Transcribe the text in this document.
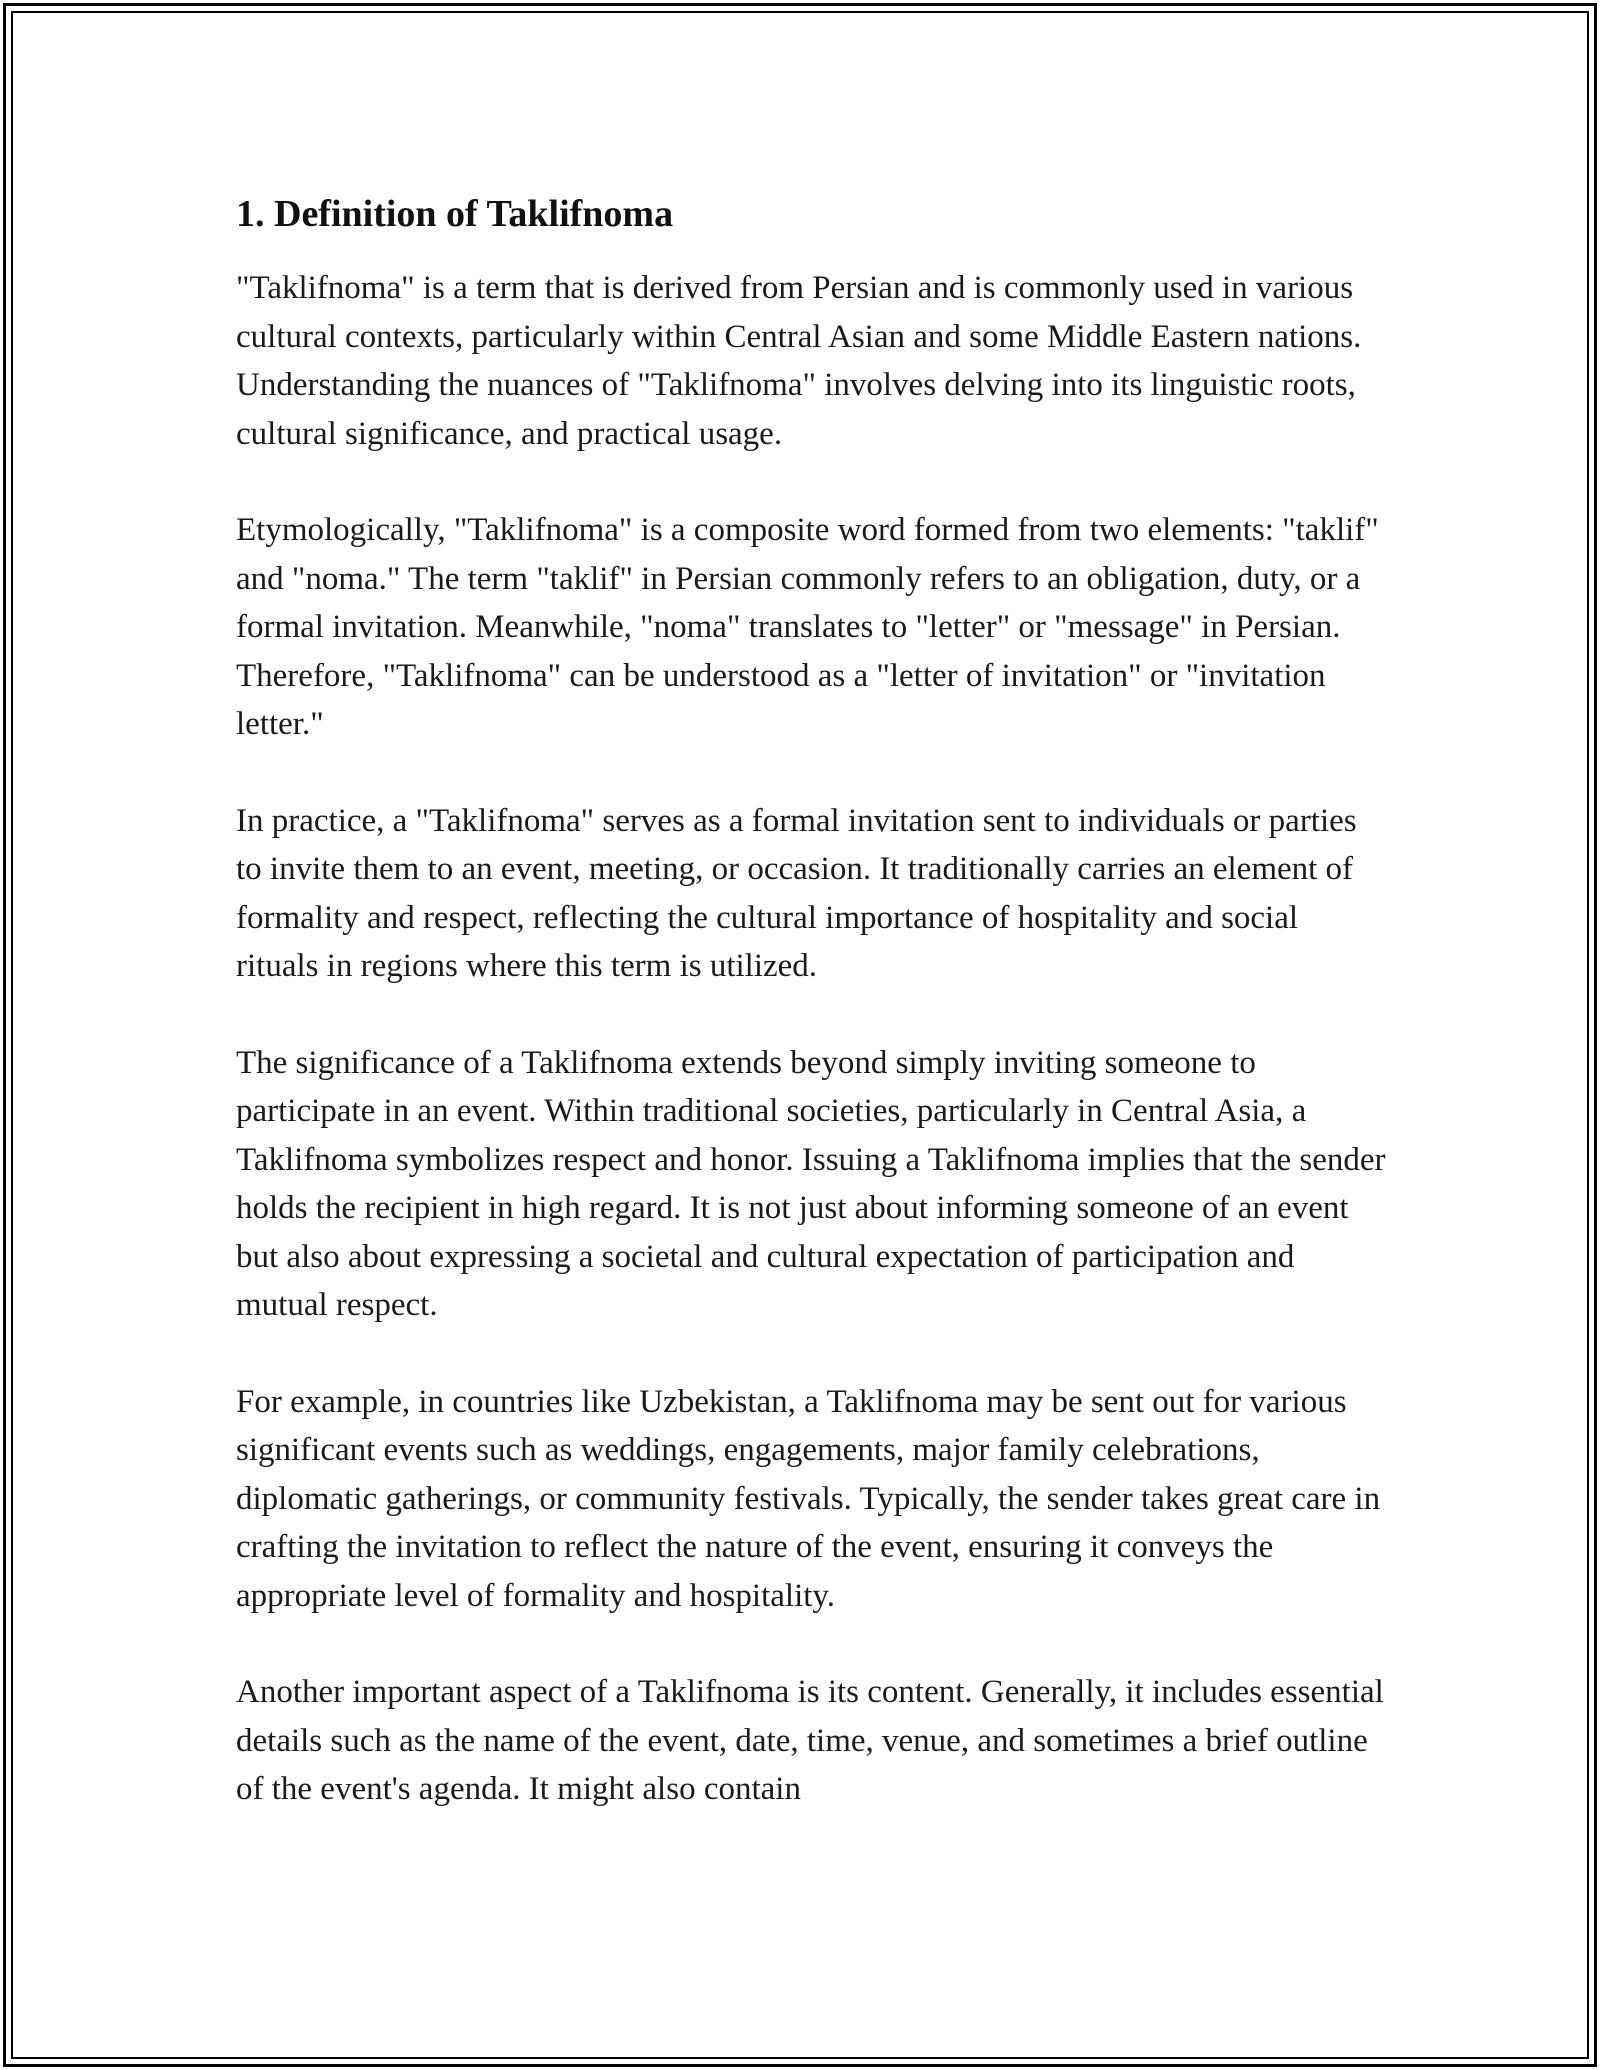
1. Definition of Taklifnoma

"Taklifnoma" is a term that is derived from Persian and is commonly used in various cultural contexts, particularly within Central Asian and some Middle Eastern nations. Understanding the nuances of "Taklifnoma" involves delving into its linguistic roots, cultural significance, and practical usage.

Etymologically, "Taklifnoma" is a composite word formed from two elements: "taklif" and "noma." The term "taklif" in Persian commonly refers to an obligation, duty, or a formal invitation. Meanwhile, "noma" translates to "letter" or "message" in Persian. Therefore, "Taklifnoma" can be understood as a "letter of invitation" or "invitation letter."

In practice, a "Taklifnoma" serves as a formal invitation sent to individuals or parties to invite them to an event, meeting, or occasion. It traditionally carries an element of formality and respect, reflecting the cultural importance of hospitality and social rituals in regions where this term is utilized.

The significance of a Taklifnoma extends beyond simply inviting someone to participate in an event. Within traditional societies, particularly in Central Asia, a Taklifnoma symbolizes respect and honor. Issuing a Taklifnoma implies that the sender holds the recipient in high regard. It is not just about informing someone of an event but also about expressing a societal and cultural expectation of participation and mutual respect.

For example, in countries like Uzbekistan, a Taklifnoma may be sent out for various significant events such as weddings, engagements, major family celebrations, diplomatic gatherings, or community festivals. Typically, the sender takes great care in crafting the invitation to reflect the nature of the event, ensuring it conveys the appropriate level of formality and hospitality.

Another important aspect of a Taklifnoma is its content. Generally, it includes essential details such as the name of the event, date, time, venue, and sometimes a brief outline of the event's agenda. It might also contain
